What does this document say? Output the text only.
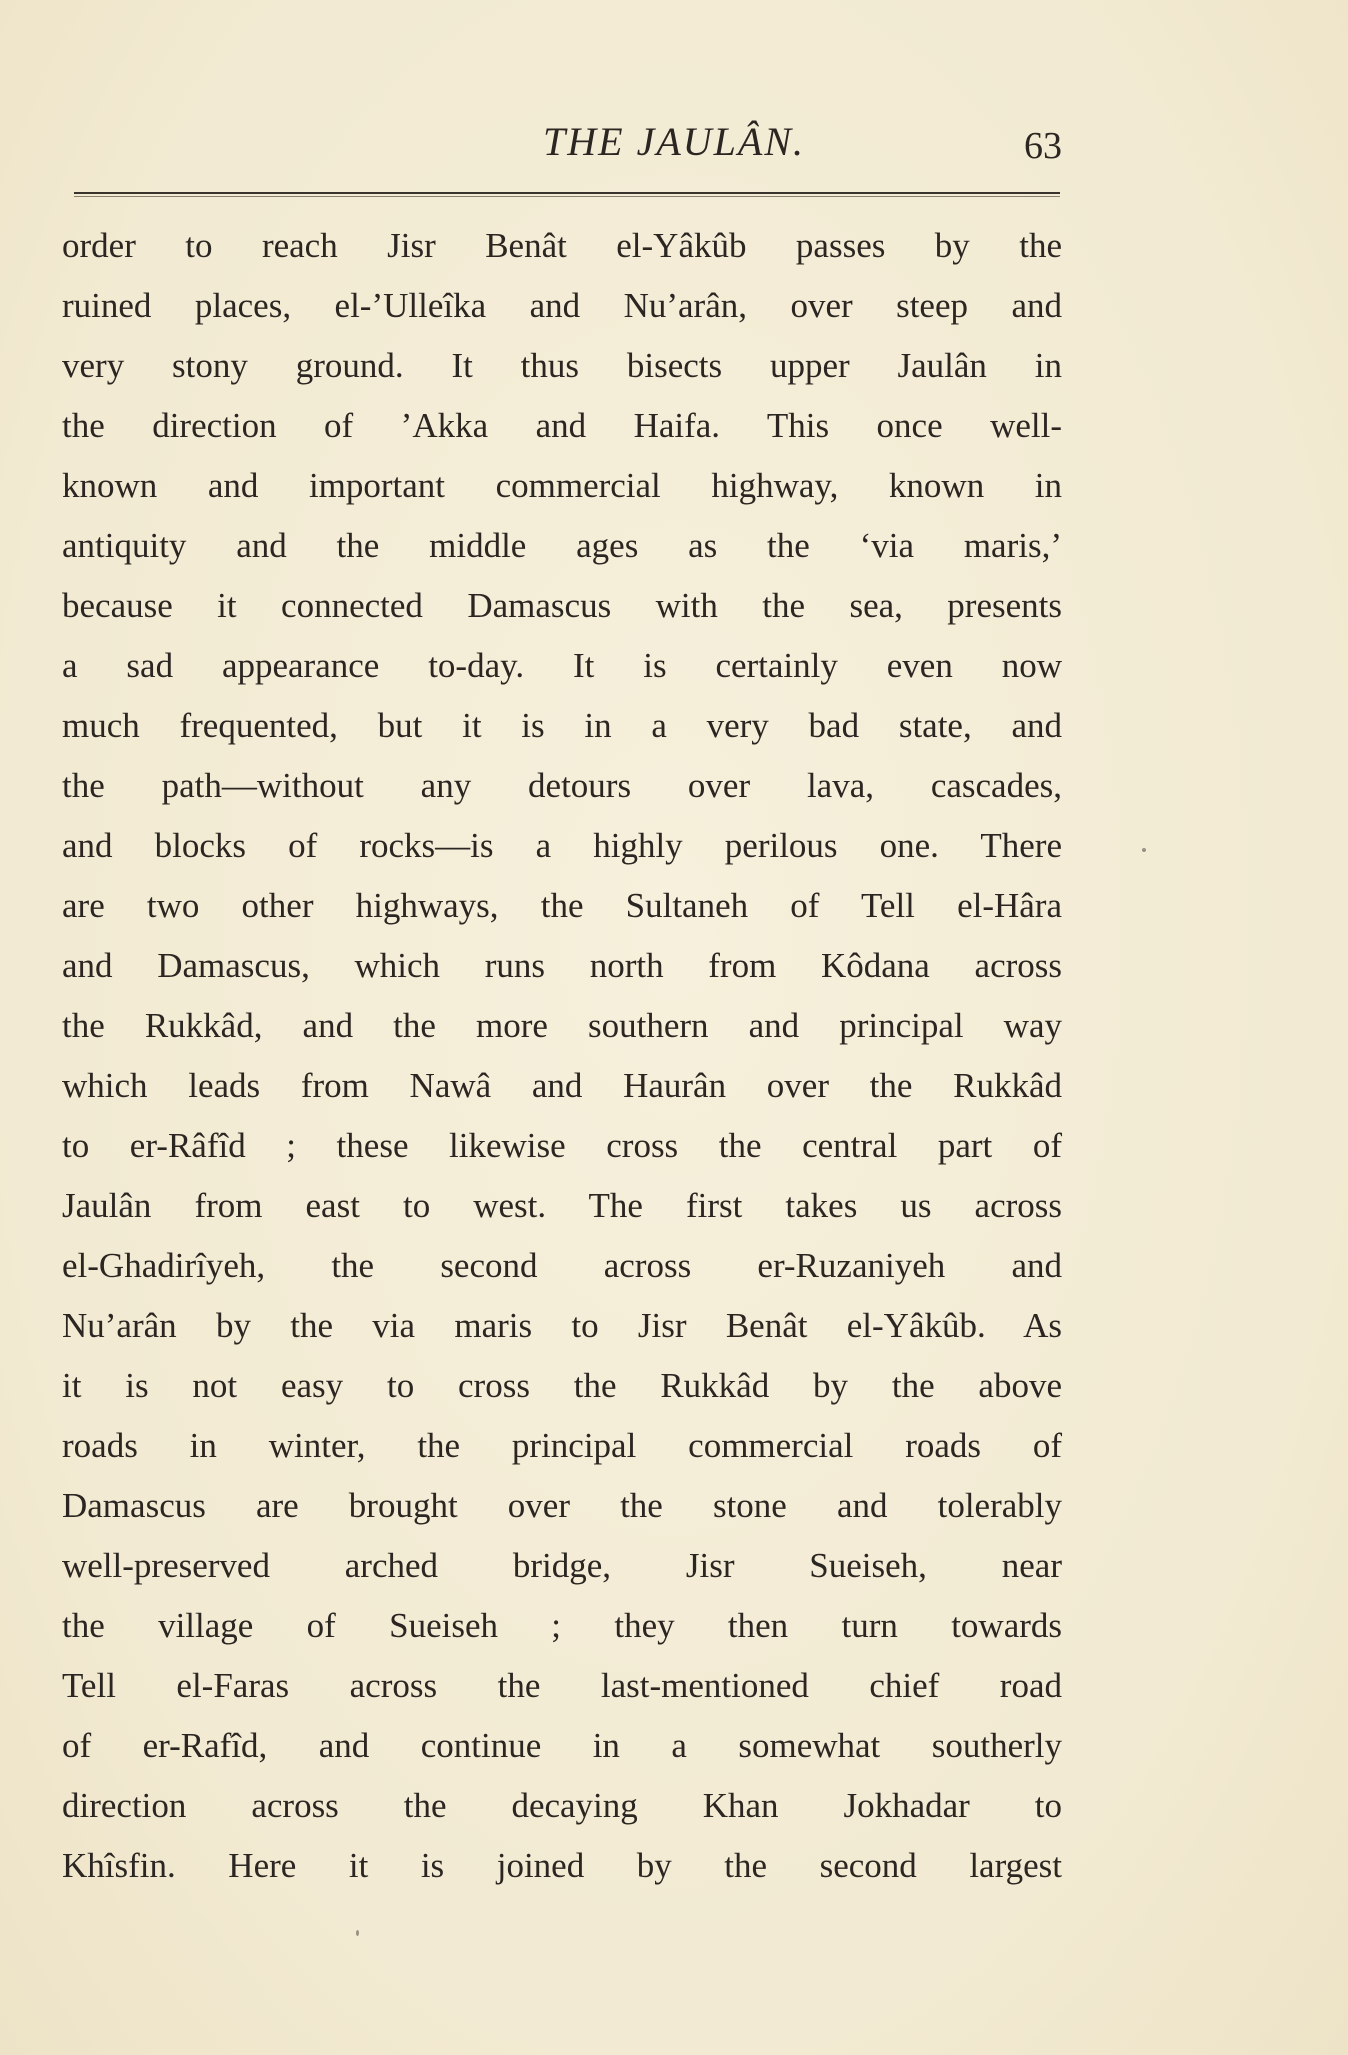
THE JAULÂN.	63
order to reach Jisr Benât el-Yâkûb passes by the
ruined places, el-’Ulleîka and Nu’arân, over steep and
very stony ground. It thus bisects upper Jaulân in
the direction of ’Akka and Haifa. This once well-
known and important commercial highway, known in
antiquity and the middle ages as the ‘via maris,’
because it connected Damascus with the sea, presents
a sad appearance to-day. It is certainly even now
much frequented, but it is in a very bad state, and
the path—without any detours over lava, cascades,
and blocks of rocks—is a highly perilous one. There
are two other highways, the Sultaneh of Tell el-Hâra
and Damascus, which runs north from Kôdana across
the Rukkâd, and the more southern and principal way
which leads from Nawâ and Haurân over the Rukkâd
to er-Râfîd ; these likewise cross the central part of
Jaulân from east to west. The first takes us across
el-Ghadirîyeh, the second across er-Ruzaniyeh and
Nu’arân by the via maris to Jisr Benât el-Yâkûb. As
it is not easy to cross the Rukkâd by the above
roads in winter, the principal commercial roads of
Damascus are brought over the stone and tolerably
well-preserved arched bridge, Jisr Sueiseh, near
the village of Sueiseh ; they then turn towards
Tell el-Faras across the last-mentioned chief road
of er-Rafîd, and continue in a somewhat southerly
direction across the decaying Khan Jokhadar to
Khîsfin. Here it is joined by the second largest
